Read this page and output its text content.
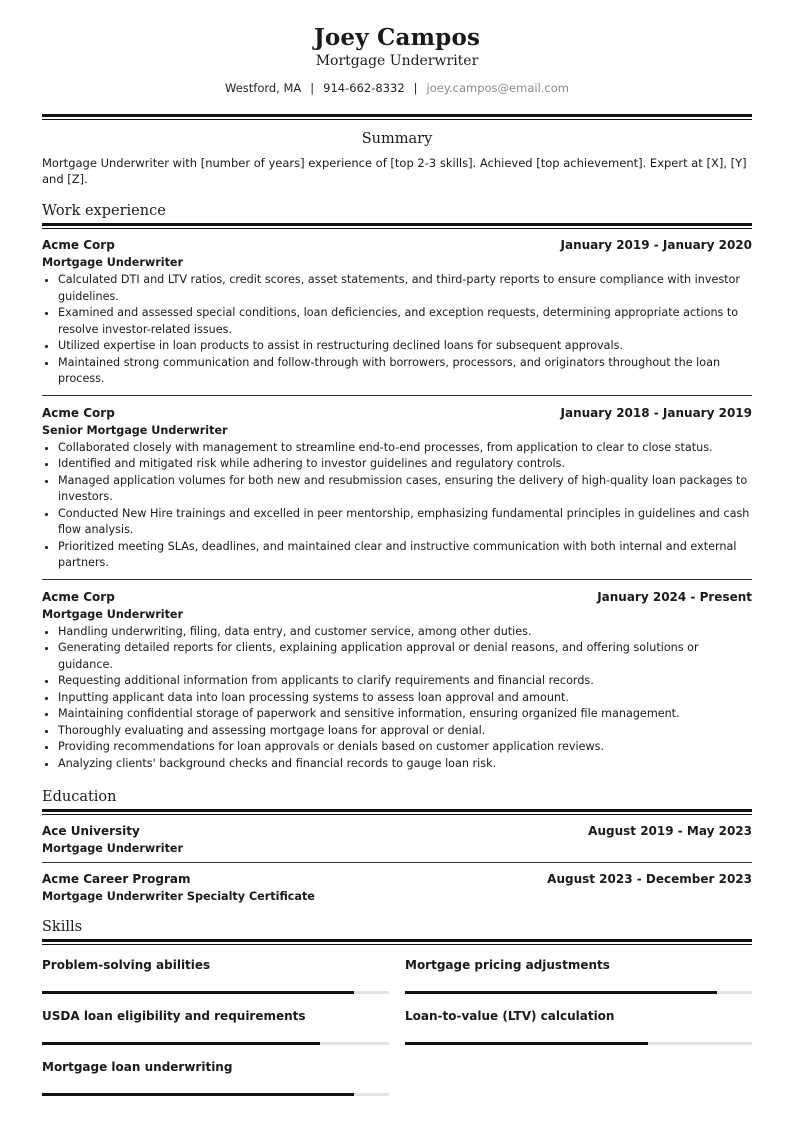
Joey Campos
Mortgage Underwriter
Westford, MA | 914-662-8332 | joey.campos@email.com
Summary
Mortgage Underwriter with [number of years] experience of [top 2-3 skills]. Achieved [top achievement]. Expert at [X], [Y] and [Z].
Work experience
Acme Corp	January 2019 - January 2020
Mortgage Underwriter
• Calculated DTI and LTV ratios, credit scores, asset statements, and third-party reports to ensure compliance with investor guidelines.
• Examined and assessed special conditions, loan deficiencies, and exception requests, determining appropriate actions to resolve investor-related issues.
• Utilized expertise in loan products to assist in restructuring declined loans for subsequent approvals.
• Maintained strong communication and follow-through with borrowers, processors, and originators throughout the loan process.
Acme Corp	January 2018 - January 2019
Senior Mortgage Underwriter
• Collaborated closely with management to streamline end-to-end processes, from application to clear to close status.
• Identified and mitigated risk while adhering to investor guidelines and regulatory controls.
• Managed application volumes for both new and resubmission cases, ensuring the delivery of high-quality loan packages to investors.
• Conducted New Hire trainings and excelled in peer mentorship, emphasizing fundamental principles in guidelines and cash flow analysis.
• Prioritized meeting SLAs, deadlines, and maintained clear and instructive communication with both internal and external partners.
Acme Corp	January 2024 - Present
Mortgage Underwriter
• Handling underwriting, filing, data entry, and customer service, among other duties.
• Generating detailed reports for clients, explaining application approval or denial reasons, and offering solutions or guidance.
• Requesting additional information from applicants to clarify requirements and financial records.
• Inputting applicant data into loan processing systems to assess loan approval and amount.
• Maintaining confidential storage of paperwork and sensitive information, ensuring organized file management.
• Thoroughly evaluating and assessing mortgage loans for approval or denial.
• Providing recommendations for loan approvals or denials based on customer application reviews.
• Analyzing clients' background checks and financial records to gauge loan risk.
Education
Ace University	August 2019 - May 2023
Mortgage Underwriter
Acme Career Program	August 2023 - December 2023
Mortgage Underwriter Specialty Certificate
Skills
Problem-solving abilities	Mortgage pricing adjustments
USDA loan eligibility and requirements	Loan-to-value (LTV) calculation
Mortgage loan underwriting
